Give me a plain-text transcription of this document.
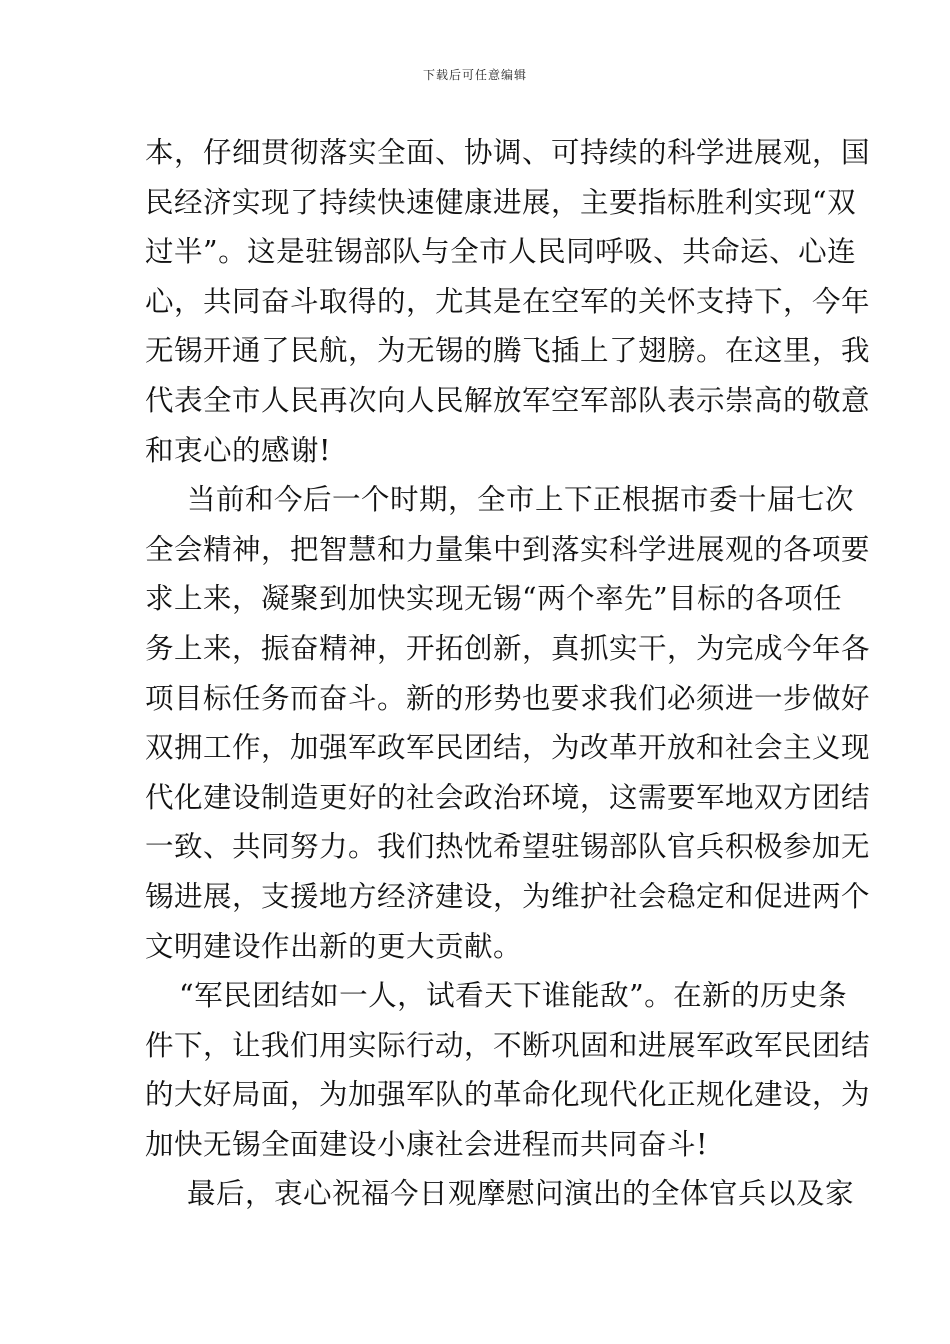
下载后可任意编辑
本，仔细贯彻落实全面、协调、可持续的科学进展观，国
民经济实现了持续快速健康进展，主要指标胜利实现“双
过半”。这是驻锡部队与全市人民同呼吸、共命运、心连
心，共同奋斗取得的，尤其是在空军的关怀支持下，今年
无锡开通了民航，为无锡的腾飞插上了翅膀。在这里，我
代表全市人民再次向人民解放军空军部队表示崇高的敬意
和衷心的感谢!
当前和今后一个时期，全市上下正根据市委十届七次
全会精神，把智慧和力量集中到落实科学进展观的各项要
求上来，凝聚到加快实现无锡“两个率先”目标的各项任
务上来，振奋精神，开拓创新，真抓实干，为完成今年各
项目标任务而奋斗。新的形势也要求我们必须进一步做好
双拥工作，加强军政军民团结，为改革开放和社会主义现
代化建设制造更好的社会政治环境，这需要军地双方团结
一致、共同努力。我们热忱希望驻锡部队官兵积极参加无
锡进展，支援地方经济建设，为维护社会稳定和促进两个
文明建设作出新的更大贡献。
“军民团结如一人，试看天下谁能敌”。在新的历史条
件下，让我们用实际行动，不断巩固和进展军政军民团结
的大好局面，为加强军队的革命化现代化正规化建设，为
加快无锡全面建设小康社会进程而共同奋斗!
最后，衷心祝福今日观摩慰问演出的全体官兵以及家
